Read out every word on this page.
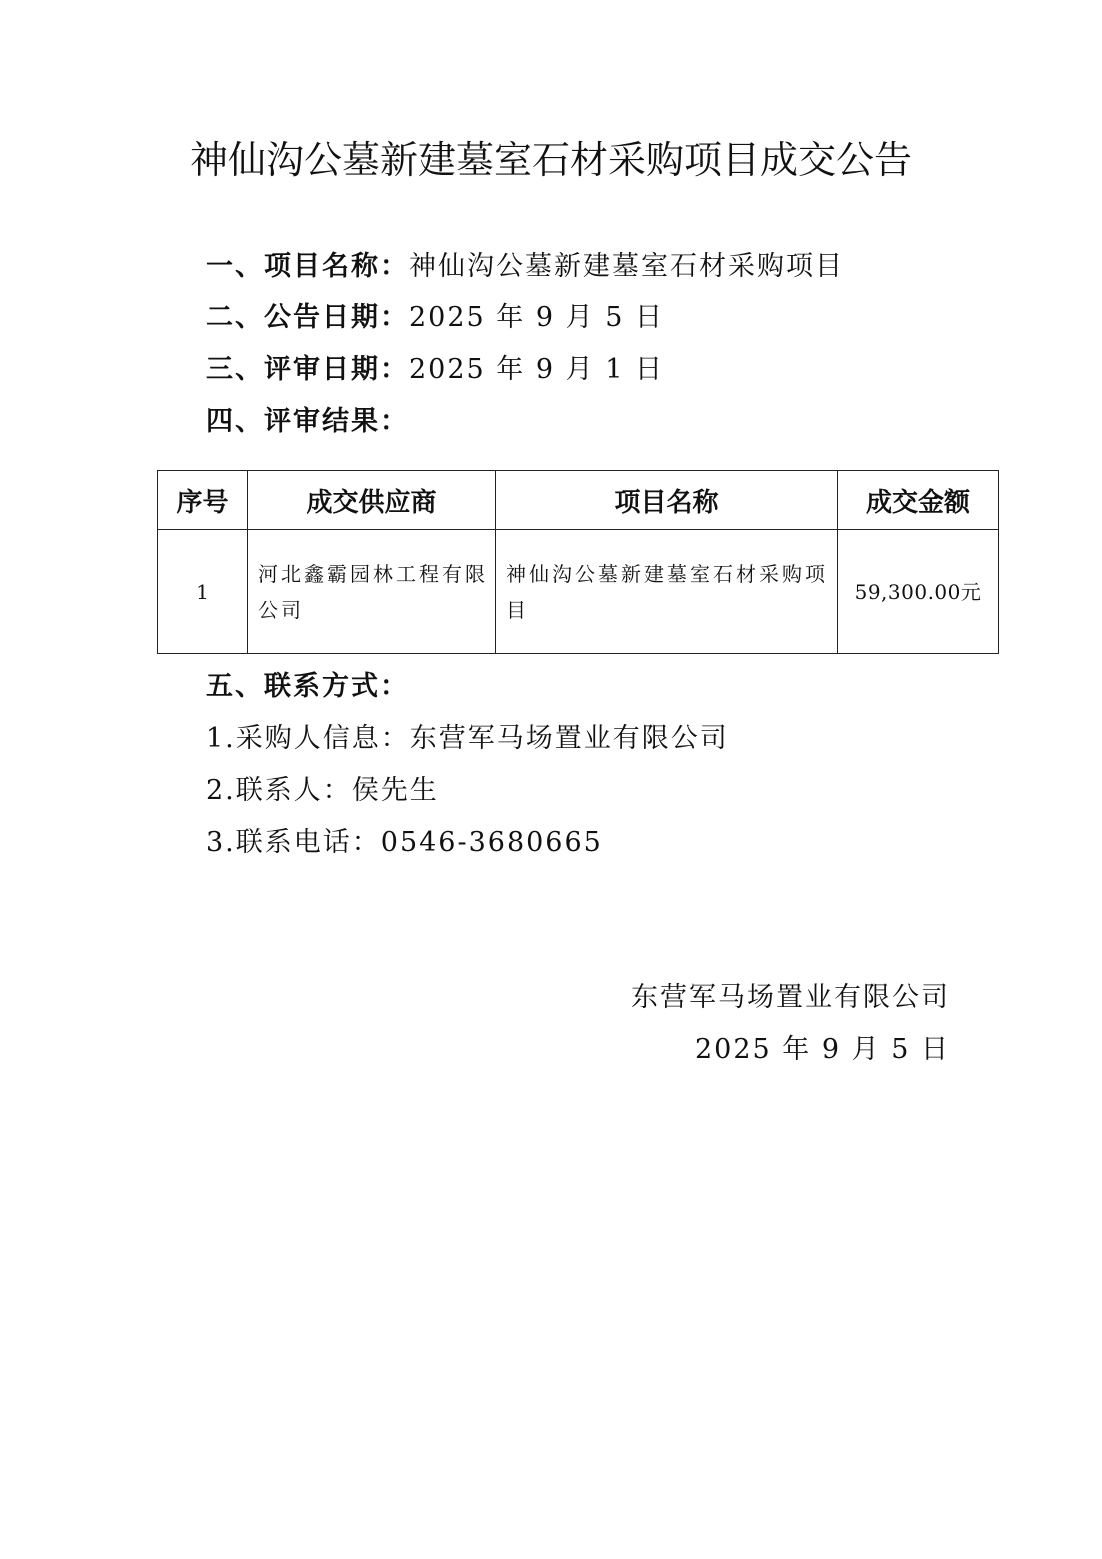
神仙沟公墓新建墓室石材采购项目成交公告
一、项目名称：神仙沟公墓新建墓室石材采购项目
二、公告日期：2025 年 9 月 5 日
三、评审日期：2025 年 9 月 1 日
四、评审结果：
序号	成交供应商	项目名称	成交金额
1	河北鑫霸园林工程有限公司	神仙沟公墓新建墓室石材采购项目	59,300.00元
五、联系方式：
1.采购人信息：东营军马场置业有限公司
2.联系人：侯先生
3.联系电话：0546-3680665
东营军马场置业有限公司
2025 年 9 月 5 日
